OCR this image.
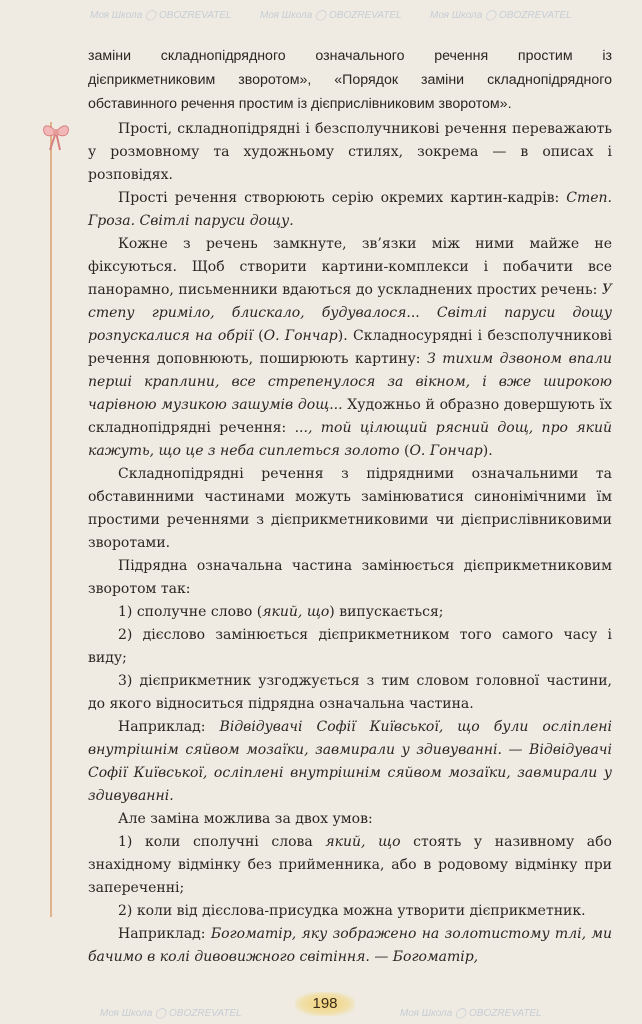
Моя Школа ◯ OBOZREVATEL	Моя Школа ◯ OBOZREVATEL	Моя Школа ◯ OBOZREVATEL
Моя Школа ◯ OBOZREVATEL	Моя Школа ◯ OBOZREVATEL

заміни складнопідрядного означального речення простим із дієприкметниковим зворотом», «Порядок заміни складнопідрядного обставинного речення простим із дієприслівниковим зворотом».

Прості, складнопідрядні і безсполучникові речення переважають у розмовному та художньому стилях, зокрема — в описах і розповідях.

Прості речення створюють серію окремих картин-кадрів: Степ. Гроза. Світлі паруси дощу.

Кожне з речень замкнуте, зв’язки між ними майже не фіксуються. Щоб створити картини-комплекси і побачити все панорамно, письменники вдаються до ускладнених простих речень: У степу гриміло, блискало, будувалося... Світлі паруси дощу розпускалися на обрії (О. Гончар). Складносурядні і безсполучникові речення доповнюють, поширюють картину: З тихим дзвоном впали перші краплини, все стрепенулося за вікном, і вже широкою чарівною музикою зашумів дощ... Художньо й образно довершують їх складнопідрядні речення: ..., той цілющий рясний дощ, про який кажуть, що це з неба сиплеться золото (О. Гончар).

Складнопідрядні речення з підрядними означальними та обставинними частинами можуть замінюватися синонімічними їм простими реченнями з дієприкметниковими чи дієприслівниковими зворотами.

Підрядна означальна частина замінюється дієприкметниковим зворотом так:

1) сполучне слово (який, що) випускається;

2) дієслово замінюється дієприкметником того самого часу і виду;

3) дієприкметник узгоджується з тим словом головної частини, до якого відноситься підрядна означальна частина.

Наприклад: Відвідувачі Софії Київської, що були осліплені внутрішнім сяйвом мозаїки, завмирали у здивуванні. — Відвідувачі Софії Київської, осліплені внутрішнім сяйвом мозаїки, завмирали у здивуванні.

Але заміна можлива за двох умов:

1) коли сполучні слова який, що стоять у називному або знахідному відмінку без прийменника, або в родовому відмінку при запереченні;

2) коли від дієслова-присудка можна утворити дієприкметник.

Наприклад: Богоматір, яку зображено на золотистому тлі, ми бачимо в колі дивовижного світіння. — Богоматір,

198
